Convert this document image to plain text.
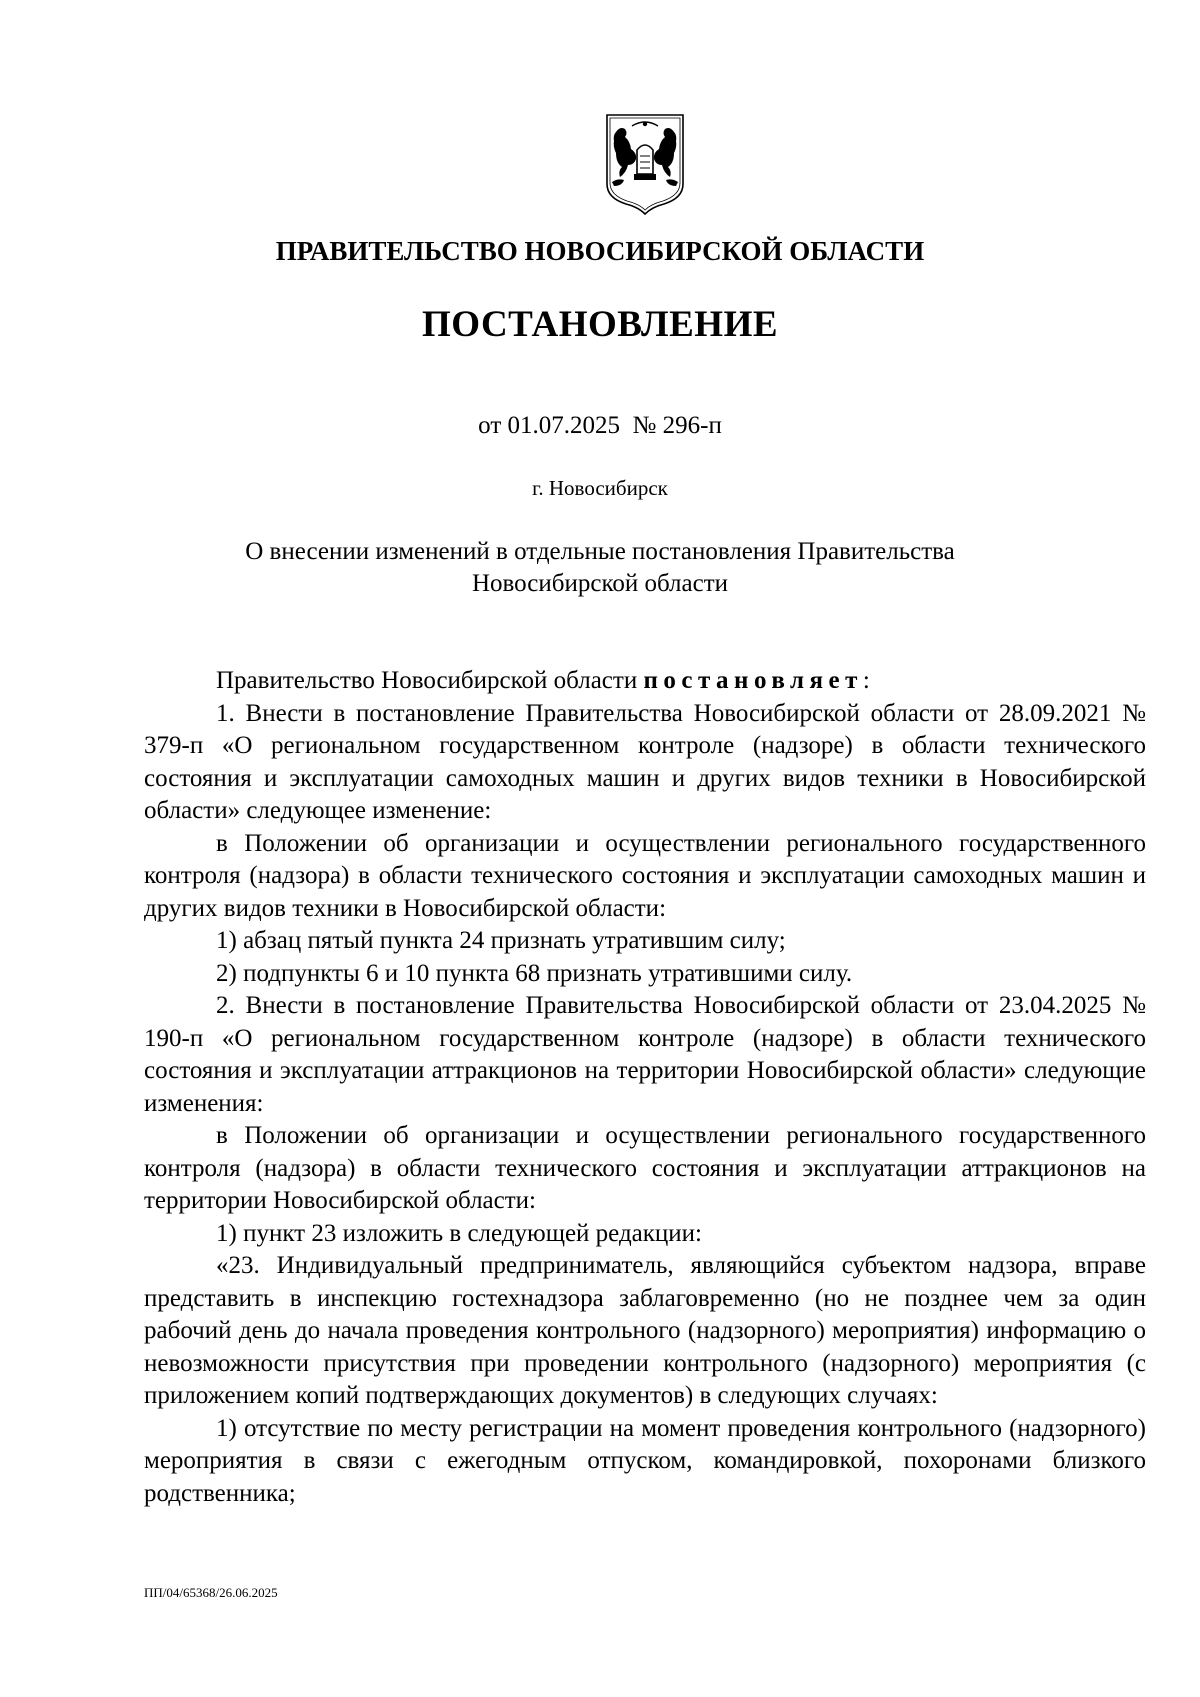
ПРАВИТЕЛЬСТВО НОВОСИБИРСКОЙ ОБЛАСТИ
ПОСТАНОВЛЕНИЕ
от 01.07.2025  № 296-п
г. Новосибирск
О внесении изменений в отдельные постановления Правительства
Новосибирской области

Правительство Новосибирской области постановляет:

1. Внести в постановление Правительства Новосибирской области от 28.09.2021 № 379-п «О региональном государственном контроле (надзоре) в области технического состояния и эксплуатации самоходных машин и других видов техники в Новосибирской области» следующее изменение:

в Положении об организации и осуществлении регионального государственного контроля (надзора) в области технического состояния и эксплуатации самоходных машин и других видов техники в Новосибирской области:

1) абзац пятый пункта 24 признать утратившим силу;

2) подпункты 6 и 10 пункта 68 признать утратившими силу.

2. Внести в постановление Правительства Новосибирской области от 23.04.2025 № 190-п «О региональном государственном контроле (надзоре) в области технического состояния и эксплуатации аттракционов на территории Новосибирской области» следующие изменения:

в Положении об организации и осуществлении регионального государственного контроля (надзора) в области технического состояния и эксплуатации аттракционов на территории Новосибирской области:

1) пункт 23 изложить в следующей редакции:

«23. Индивидуальный предприниматель, являющийся субъектом надзора, вправе представить в инспекцию гостехнадзора заблаговременно (но не позднее чем за один рабочий день до начала проведения контрольного (надзорного) мероприятия) информацию о невозможности присутствия при проведении контрольного (надзорного) мероприятия (с приложением копий подтверждающих документов) в следующих случаях:

1) отсутствие по месту регистрации на момент проведения контрольного (надзорного) мероприятия в связи с ежегодным отпуском, командировкой, похоронами близкого родственника;

ПП/04/65368/26.06.2025
